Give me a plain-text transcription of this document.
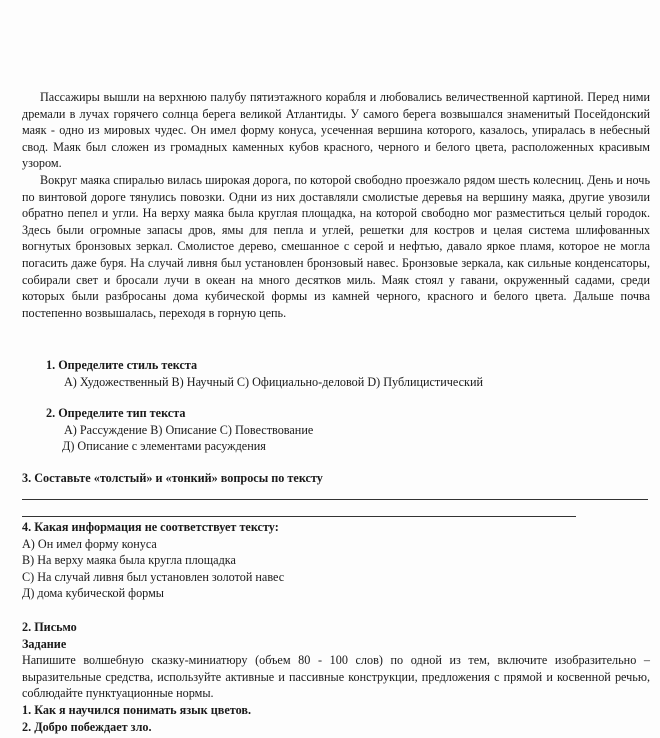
Пассажиры вышли на верхнюю палубу пятиэтажного корабля и любовались величественной картиной. Перед ними дремали в лучах горячего солнца берега великой Атлантиды. У самого берега возвышался знаменитый Посейдонский маяк - одно из мировых чудес. Он имел форму конуса, усеченная вершина которого, казалось, упиралась в небесный свод. Маяк был сложен из громадных каменных кубов красного, черного и белого цвета, расположенных красивым узором.

Вокруг маяка спиралью вилась широкая дорога, по которой свободно проезжало рядом шесть колесниц. День и ночь по винтовой дороге тянулись повозки. Одни из них доставляли смолистые деревья на вершину маяка, другие увозили обратно пепел и угли. На верху маяка была круглая площадка, на которой свободно мог разместиться целый городок. Здесь были огромные запасы дров, ямы для пепла и углей, решетки для костров и целая система шлифованных вогнутых бронзовых зеркал. Смолистое дерево, смешанное с серой и нефтью, давало яркое пламя, которое не могла погасить даже буря. На случай ливня был установлен бронзовый навес. Бронзовые зеркала, как сильные конденсаторы, собирали свет и бросали лучи в океан на много десятков миль. Маяк стоял у гавани, окруженный садами, среди которых были разбросаны дома кубической формы из камней черного, красного и белого цвета. Дальше почва постепенно возвышалась, переходя в горную цепь.

1. Определите стиль текста
А) Художественный В) Научный С) Официально-деловой D) Публицистический
2. Определите тип текста
А) Рассуждение В) Описание С) Повествование
Д) Описание с элементами расуждения
3. Составьте «толстый» и «тонкий» вопросы по тексту
4. Какая информация не соответствует тексту:
А) Он имел форму конуса
В) На верху маяка была кругла площадка
С) На случай ливня был установлен золотой навес
Д) дома кубической формы
2. Письмо
Задание
Напишите волшебную сказку-миниатюру (объем 80 - 100 слов) по одной из тем, включите изобразительно – выразительные средства, используйте активные и пассивные конструкции, предложения с прямой и косвенной речью, соблюдайте пунктуационные нормы.
1. Как я научился понимать язык цветов.
2. Добро побеждает зло.
